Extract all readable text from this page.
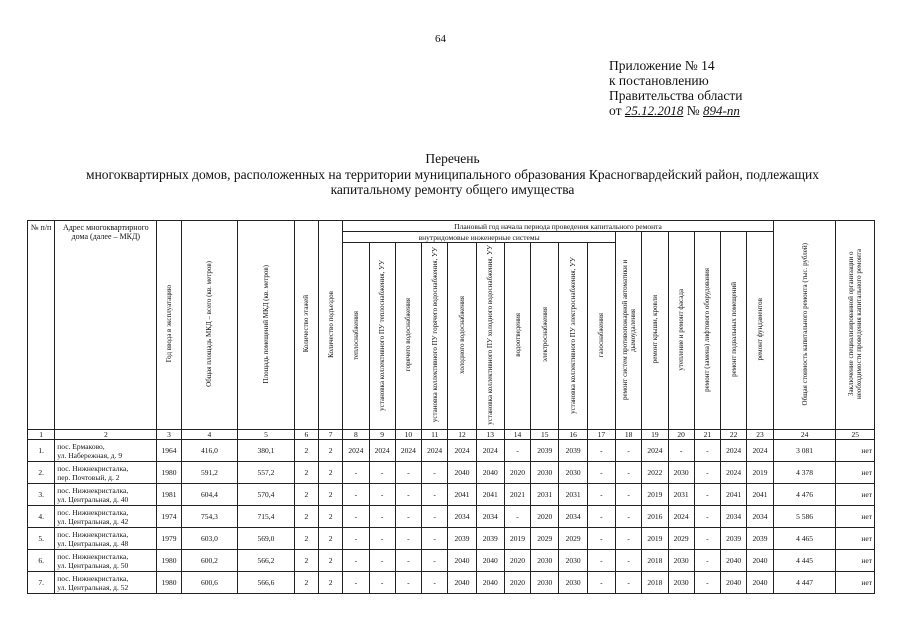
64
Приложение № 14
к постановлению
Правительства области
от 25.12.2018 № 894-пп
Перечень
многоквартирных домов, расположенных на территории муниципального образования Красногвардейский район, подлежащих
капитальному ремонту общего имущества
№ п/п	Адрес многоквартирного дома (далее – МКД)	Год ввода в эксплуатацию	Общая площадь МКД – всего (кв. метров)	Площадь помещений МКД (кв. метров)	Количество этажей	Количество подъездов	Плановый год начала периода проведения капитального ремонта																Общая стоимость капитального ремонта (тыс. рублей)	Заключение специализированной организации о необходимости проведения капитального ремонта
							внутридомовые инженерные системы										ремонт систем противопожарной автоматики и дымоудаления	ремонт крыши, кровли	утепление и ремонт фасада	ремонт (замена) лифтового оборудования	ремонт подвальных помещений	ремонт фундаментов		
							теплоснабжения	установка коллективного ПУ теплоснабжения, УУ	горячего водоснабжения	установка коллективного ПУ горячего водоснабжения, УУ	холодного водоснабжения	установка коллективного ПУ холодного водоснабжения, УУ	водоотведения	электроснабжения	установка коллективного ПУ электроснабжения, УУ	газоснабжения								
1	2	3	4	5	6	7	8	9	10	11	12	13	14	15	16	17	18	19	20	21	22	23	24	25
1.	пос. Ермаково,
ул. Набережная, д. 9	1964	416,0	380,1	2	2	2024	2024	2024	2024	2024	2024	-	2039	2039	-	-	2024	-	-	2024	2024	3 081	нет
2.	пос. Нижнекристалка,
пер. Почтовый, д. 2	1980	591,2	557,2	2	2	-	-	-	-	2040	2040	2020	2030	2030	-	-	2022	2030	-	2024	2019	4 378	нет
3.	пос. Нижнекристалка,
ул. Центральная, д. 40	1981	604,4	570,4	2	2	-	-	-	-	2041	2041	2021	2031	2031	-	-	2019	2031	-	2041	2041	4 476	нет
4.	пос. Нижнекристалка,
ул. Центральная, д. 42	1974	754,3	715,4	2	2	-	-	-	-	2034	2034	-	2020	2034	-	-	2016	2024	-	2034	2034	5 586	нет
5.	пос. Нижнекристалка,
ул. Центральная, д. 48	1979	603,0	569,0	2	2	-	-	-	-	2039	2039	2019	2029	2029	-	-	2019	2029	-	2039	2039	4 465	нет
6.	пос. Нижнекристалка,
ул. Центральная, д. 50	1980	600,2	566,2	2	2	-	-	-	-	2040	2040	2020	2030	2030	-	-	2018	2030	-	2040	2040	4 445	нет
7.	пос. Нижнекристалка,
ул. Центральная, д. 52	1980	600,6	566,6	2	2	-	-	-	-	2040	2040	2020	2030	2030	-	-	2018	2030	-	2040	2040	4 447	нет
